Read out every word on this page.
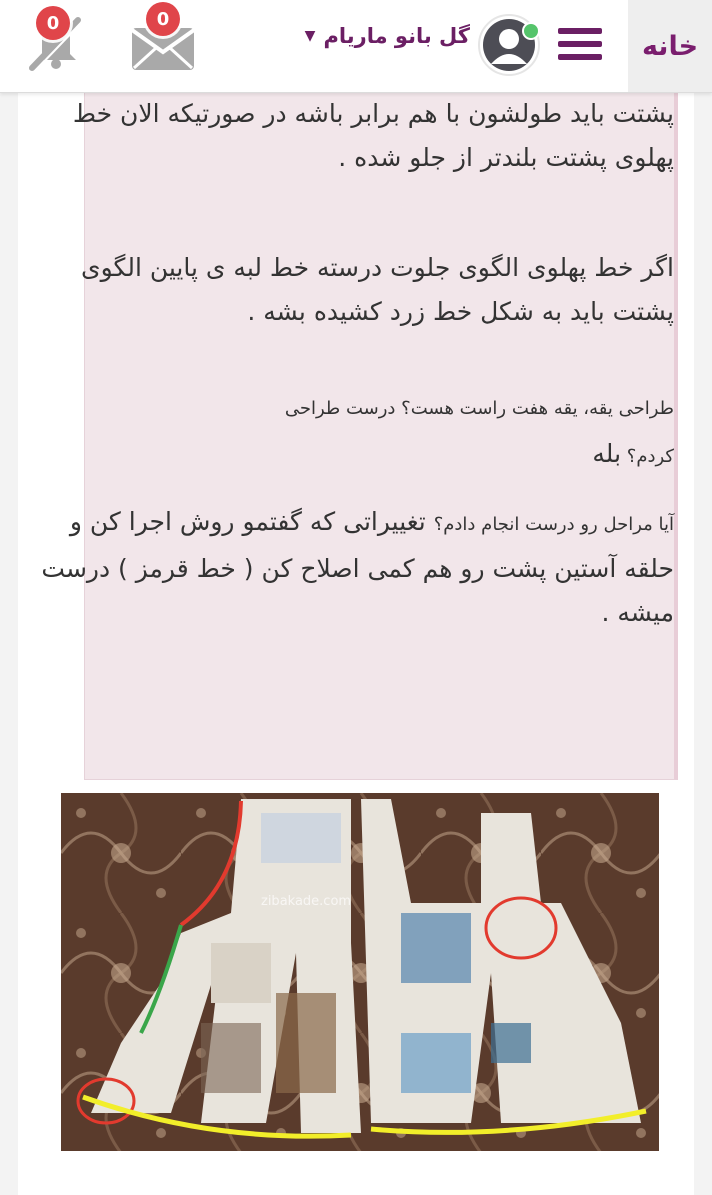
خانه
گل بانو ماریام
▼
0
0
پشتت باید طولشون با هم برابر باشه در صورتیکه الان خط پهلوی پشتت بلندتر از جلو شده .
اگر خط پهلوی الگوی جلوت درسته خط لبه ی پایین الگوی پشتت باید به شکل خط زرد کشیده بشه .
طراحی یقه، یقه هفت راست هست؟ درست طراحی
کردم؟ بله
آیا مراحل رو درست انجام دادم؟ تغییراتی که گفتمو روش اجرا کن و حلقه آستین پشت رو هم کمی اصلاح کن ( خط قرمز ) درست میشه .
zibakade.com
